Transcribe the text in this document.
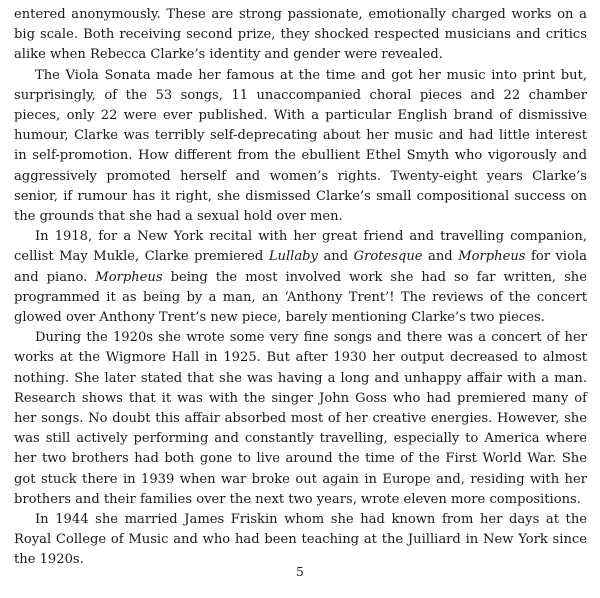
entered anonymously. These are strong passionate, emotionally charged works on a big scale. Both receiving second prize, they shocked respected musicians and critics alike when Rebecca Clarke’s identity and gender were revealed.

The Viola Sonata made her famous at the time and got her music into print but, surprisingly, of the 53 songs, 11 unaccompanied choral pieces and 22 chamber pieces, only 22 were ever published. With a particular English brand of dismissive humour, Clarke was terribly self-deprecating about her music and had little interest in self-promotion. How different from the ebullient Ethel Smyth who vigorously and aggressively promoted herself and women’s rights. Twenty-eight years Clarke’s senior, if rumour has it right, she dismissed Clarke’s small compositional success on the grounds that she had a sexual hold over men.

In 1918, for a New York recital with her great friend and travelling companion, cellist May Mukle, Clarke premiered Lullaby and Grotesque and Morpheus for viola and piano. Morpheus being the most involved work she had so far written, she programmed it as being by a man, an ‘Anthony Trent’! The reviews of the concert glowed over Anthony Trent’s new piece, barely mentioning Clarke’s two pieces.

During the 1920s she wrote some very fine songs and there was a concert of her works at the Wigmore Hall in 1925. But after 1930 her output decreased to almost nothing. She later stated that she was having a long and unhappy affair with a man. Research shows that it was with the singer John Goss who had premiered many of her songs. No doubt this affair absorbed most of her creative energies. However, she was still actively performing and constantly travelling, especially to America where her two brothers had both gone to live around the time of the First World War. She got stuck there in 1939 when war broke out again in Europe and, residing with her brothers and their families over the next two years, wrote eleven more compositions.

In 1944 she married James Friskin whom she had known from her days at the Royal College of Music and who had been teaching at the Juilliard in New York since the 1920s.

5
